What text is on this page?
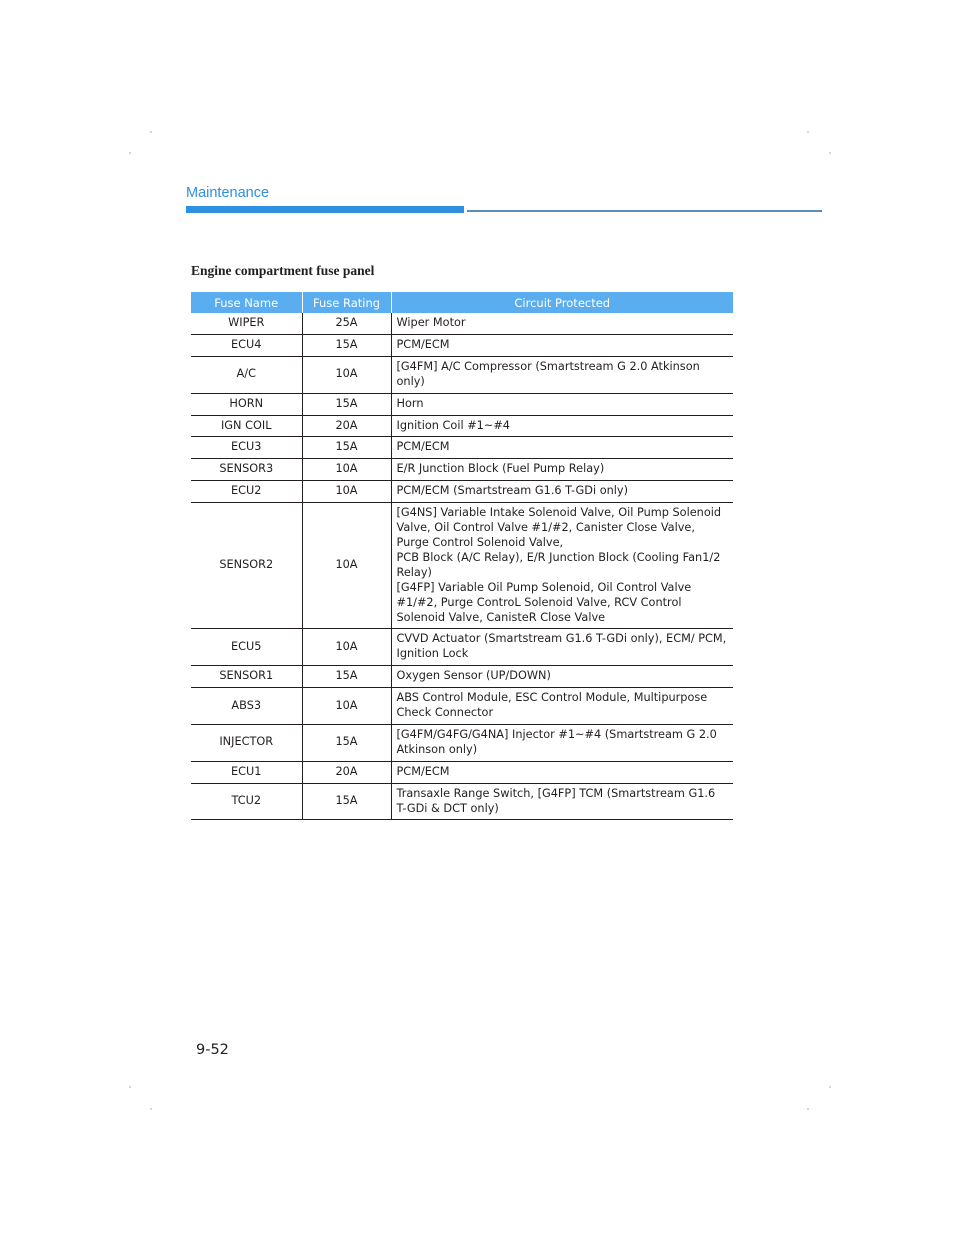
Maintenance
Engine compartment fuse panel
Fuse Name	Fuse Rating	Circuit Protected
WIPER	25A	Wiper Motor
ECU4	15A	PCM/ECM
A/C	10A	[G4FM] A/C Compressor (Smartstream G 2.0 Atkinson only)
HORN	15A	Horn
IGN COIL	20A	Ignition Coil #1~#4
ECU3	15A	PCM/ECM
SENSOR3	10A	E/R Junction Block (Fuel Pump Relay)
ECU2	10A	PCM/ECM (Smartstream G1.6 T-GDi only)
SENSOR2	10A	[G4NS] Variable Intake Solenoid Valve, Oil Pump Solenoid Valve, Oil Control Valve #1/#2, Canister Close Valve, Purge Control Solenoid Valve,
PCB Block (A/C Relay), E/R Junction Block (Cooling Fan1/2 Relay)
[G4FP] Variable Oil Pump Solenoid, Oil Control Valve #1/#2, Purge ControL Solenoid Valve, RCV Control Solenoid Valve, CanisteR Close Valve
ECU5	10A	CVVD Actuator (Smartstream G1.6 T-GDi only), ECM/ PCM, Ignition Lock
SENSOR1	15A	Oxygen Sensor (UP/DOWN)
ABS3	10A	ABS Control Module, ESC Control Module, Multipurpose Check Connector
INJECTOR	15A	[G4FM/G4FG/G4NA] Injector #1~#4 (Smartstream G 2.0 Atkinson only)
ECU1	20A	PCM/ECM
TCU2	15A	Transaxle Range Switch, [G4FP] TCM (Smartstream G1.6 T-GDi & DCT only)
9-52
